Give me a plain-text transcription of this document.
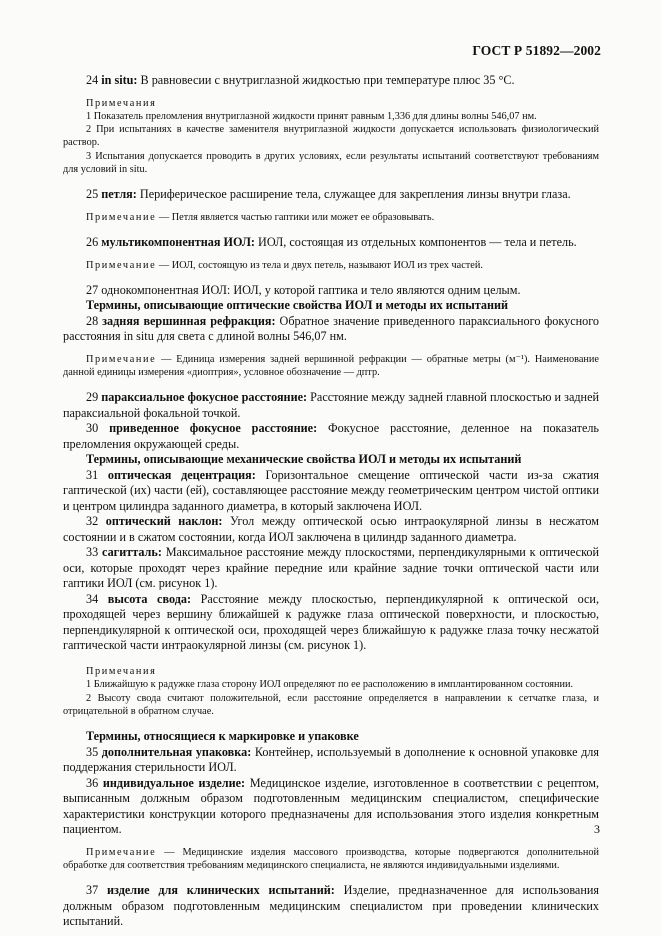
ГОСТ Р 51892—2002

24 in situ: В равновесии с внутриглазной жидкостью при температуре плюс 35 °С.

Примечания

1 Показатель преломления внутриглазной жидкости принят равным 1,336 для длины волны 546,07 нм.

2 При испытаниях в качестве заменителя внутриглазной жидкости допускается использовать физиологический раствор.

3 Испытания допускается проводить в других условиях, если результаты испытаний соответствуют требованиям для условий in situ.

25 петля: Периферическое расширение тела, служащее для закрепления линзы внутри глаза.

Примечание — Петля является частью гаптики или может ее образовывать.

26 мультикомпонентная ИОЛ: ИОЛ, состоящая из отдельных компонентов — тела и петель.

Примечание — ИОЛ, состоящую из тела и двух петель, называют ИОЛ из трех частей.

27 однокомпонентная ИОЛ: ИОЛ, у которой гаптика и тело являются одним целым.

Термины, описывающие оптические свойства ИОЛ и методы их испытаний

28 задняя вершинная рефракция: Обратное значение приведенного параксиального фокусного расстояния in situ для света с длиной волны 546,07 нм.

Примечание — Единица измерения задней вершинной рефракции — обратные метры (м⁻¹). Наименование данной единицы измерения «диоптрия», условное обозначение — дптр.

29 параксиальное фокусное расстояние: Расстояние между задней главной плоскостью и задней параксиальной фокальной точкой.

30 приведенное фокусное расстояние: Фокусное расстояние, деленное на показатель преломления окружающей среды.

Термины, описывающие механические свойства ИОЛ и методы их испытаний

31 оптическая децентрация: Горизонтальное смещение оптической части из-за сжатия гаптической (их) части (ей), составляющее расстояние между геометрическим центром чистой оптики и центром цилиндра заданного диаметра, в который заключена ИОЛ.

32 оптический наклон: Угол между оптической осью интраокулярной линзы в несжатом состоянии и в сжатом состоянии, когда ИОЛ заключена в цилиндр заданного диаметра.

33 сагитталь: Максимальное расстояние между плоскостями, перпендикулярными к оптической оси, которые проходят через крайние передние или крайние задние точки оптической части или гаптики ИОЛ (см. рисунок 1).

34 высота свода: Расстояние между плоскостью, перпендикулярной к оптической оси, проходящей через вершину ближайшей к радужке глаза оптической поверхности, и плоскостью, перпендикулярной к оптической оси, проходящей через ближайшую к радужке глаза точку несжатой гаптической части интраокулярной линзы (см. рисунок 1).

Примечания

1 Ближайшую к радужке глаза сторону ИОЛ определяют по ее расположению в имплантированном состоянии.

2 Высоту свода считают положительной, если расстояние определяется в направлении к сетчатке глаза, и отрицательной в обратном случае.

Термины, относящиеся к маркировке и упаковке

35 дополнительная упаковка: Контейнер, используемый в дополнение к основной упаковке для поддержания стерильности ИОЛ.

36 индивидуальное изделие: Медицинское изделие, изготовленное в соответствии с рецептом, выписанным должным образом подготовленным медицинским специалистом, специфические характеристики конструкции которого предназначены для использования этого изделия конкретным пациентом.

Примечание — Медицинские изделия массового производства, которые подвергаются дополнительной обработке для соответствия требованиям медицинского специалиста, не являются индивидуальными изделиями.

37 изделие для клинических испытаний: Изделие, предназначенное для использования должным образом подготовленным медицинским специалистом при проведении клинических испытаний.

3
